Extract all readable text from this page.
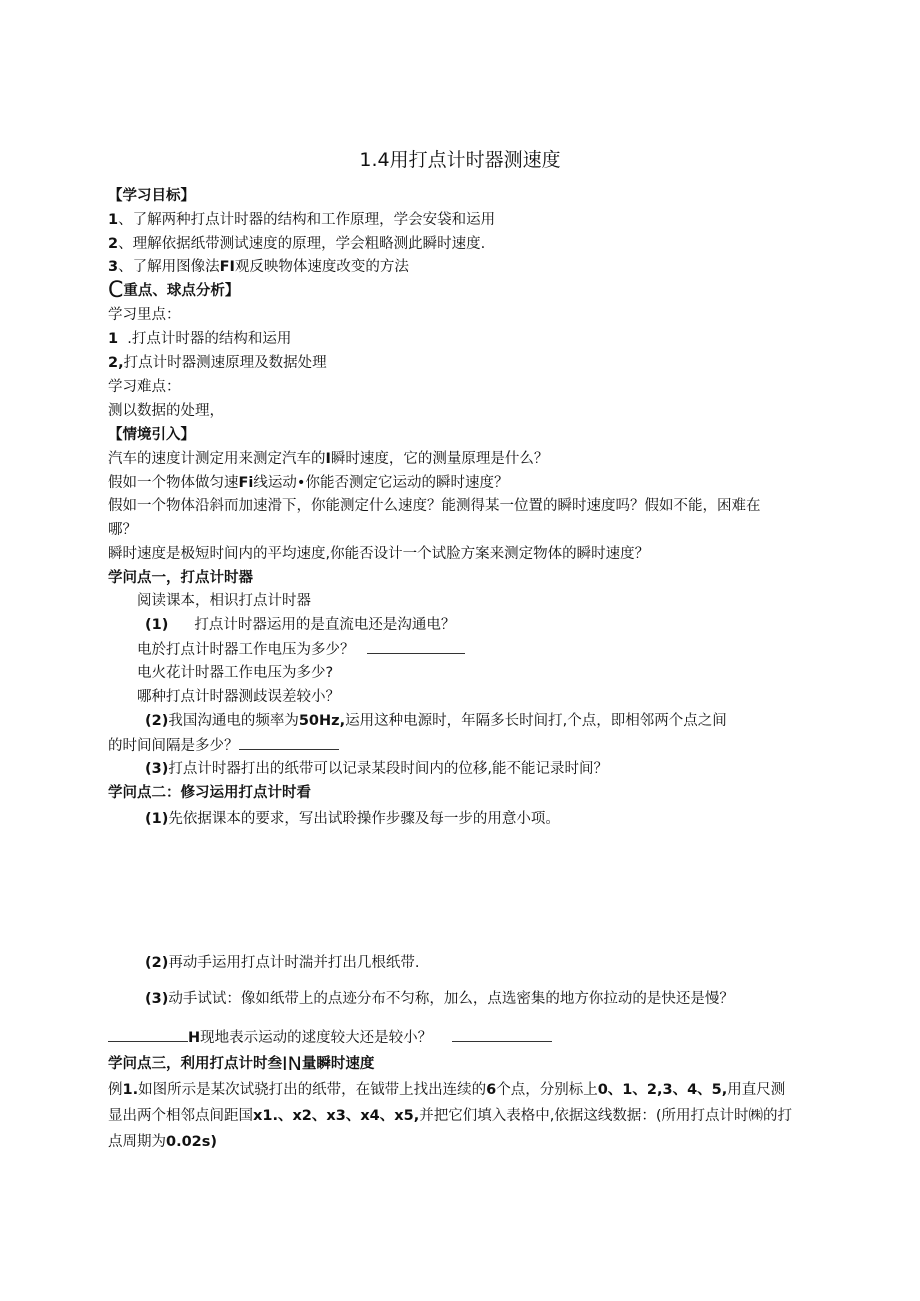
1.4用打点计时器测速度
【学习目标】
1、了解两种打点计时器的结构和工作原理，学会安袋和运用
2、理解依据纸带测试速度的原理，学会粗略测此瞬时速度.
3、了解用图像法FI观反映物体速度改变的方法
C重点、球点分析】
学习里点：
1  .打点计时器的结构和运用
2,打点计时器测速原理及数据处理
学习难点：
测以数据的处理，
【情境引入】
汽车的速度计测定用来测定汽车的I瞬时速度，它的测量原理是什么？
假如一个物体做匀速Fi线运动•你能否测定它运动的瞬时速度？
假如一个物体沿斜而加速滑下，你能测定什么速度？能测得某一位置的瞬时速度吗？假如不能，困难在
哪？
瞬时速度是极短时间内的平均速度,你能否设计一个试脸方案来测定物体的瞬时速度？
学问点一，打点计时器
阅读课本，相识打点计时器
(1) 打点计时器运用的是直流电还是沟通电？
电於打点计时器工作电压为多少？
电火花计时器工作电压为多少?
哪种打点计时器测歧误差较小？
(2)我国沟通电的频率为50Hz,运用这种电源时，年隔多长时间打,个点，即相邻两个点之间
的时间间隔是多少？
(3)打点计时器打出的纸带可以记录某段时间内的位移,能不能记录时间？
学问点二：修习运用打点计时看
(1)先依据课本的要求，写出试聆操作步骤及每一步的用意小项。
(2)再动手运用打点计时湍并打出几根纸带.
(3)动手试试：像如纸带上的点迹分布不匀称，加么，点选密集的地方你拉动的是快还是慢？
H现地表示运动的逑度较大还是较小？
学问点三，利用打点计时叁IN量瞬时速度
例1.如图所示是某次试骁打出的纸带，在钺带上找出连续的6个点，分别标上0、1、2,3、4、5,用直尺测
显出两个相邻点间距国x1.、x2、x3、x4、x5,并把它们填入表格中,依据这线数据：(所用打点计时㈱的打
点周期为0.02s)
